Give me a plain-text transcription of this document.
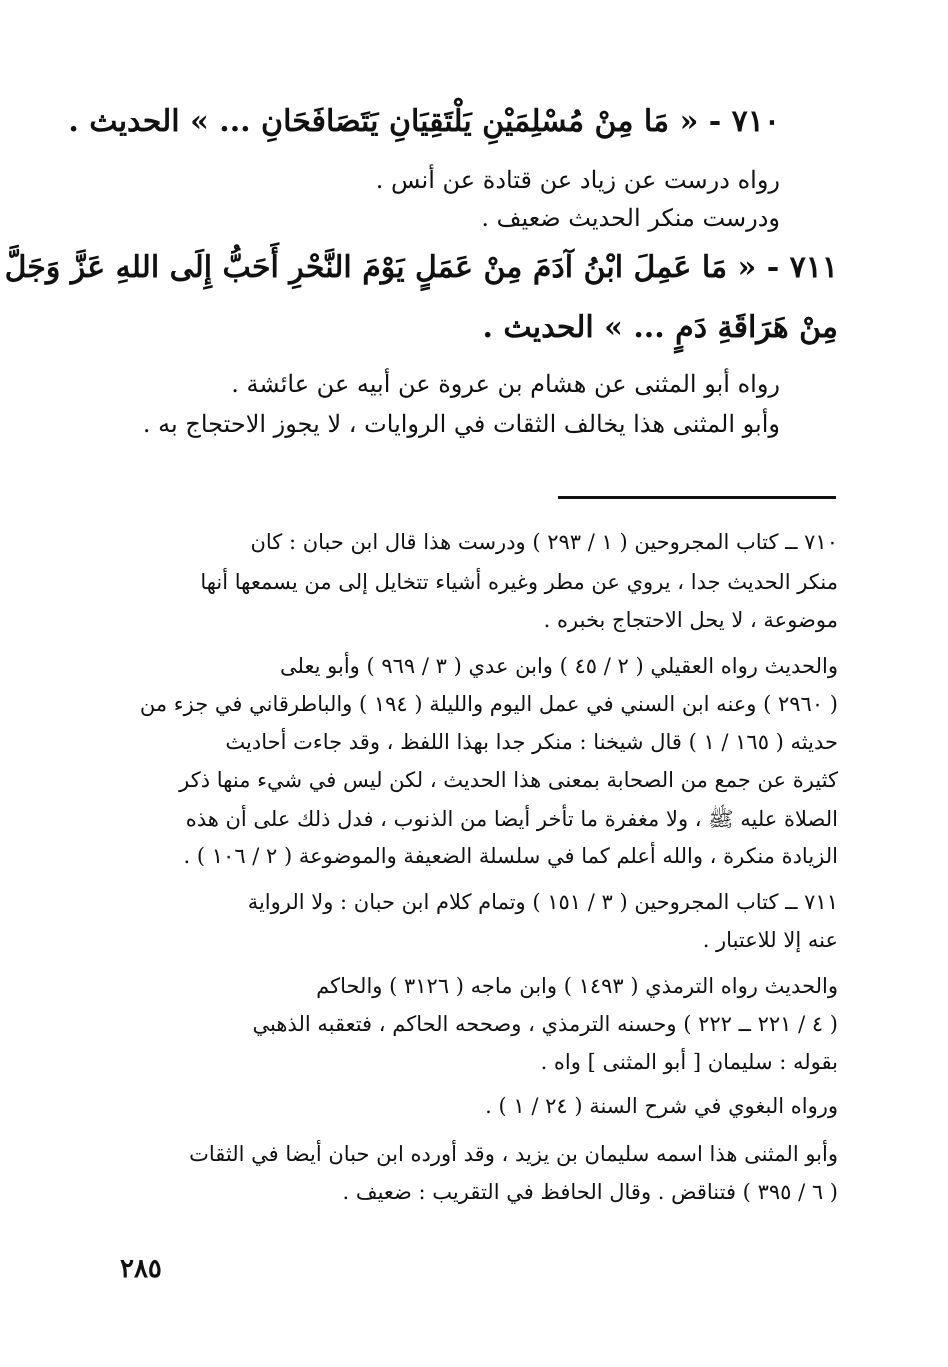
٧١٠ - « مَا مِنْ مُسْلِمَيْنِ يَلْتَقِيَانِ يَتَصَافَحَانِ ... » الحديث .
رواه درست عن زياد عن قتادة عن أنس .
ودرست منكر الحديث ضعيف .
٧١١ - « مَا عَمِلَ ابْنُ آدَمَ مِنْ عَمَلٍ يَوْمَ النَّحْرِ أَحَبُّ إِلَى اللهِ عَزَّ وَجَلَّ
مِنْ هَرَاقَةِ دَمٍ ... » الحديث .
رواه أبو المثنى عن هشام بن عروة عن أبيه عن عائشة .
وأبو المثنى هذا يخالف الثقات في الروايات ، لا يجوز الاحتجاج به .
٧١٠ ــ كتاب المجروحين ( ١ / ٢٩٣ ) ودرست هذا قال ابن حبان : كان
منكر الحديث جدا ، يروي عن مطر وغيره أشياء تتخايل إلى من يسمعها أنها
موضوعة ، لا يحل الاحتجاج بخبره .
والحديث رواه العقيلي ( ٢ / ٤٥ ) وابن عدي ( ٣ / ٩٦٩ ) وأبو يعلى
( ٢٩٦٠ ) وعنه ابن السني في عمل اليوم والليلة ( ١٩٤ ) والباطرقاني في جزء من
حديثه ( ١٦٥ / ١ ) قال شيخنا : منكر جدا بهذا اللفظ ، وقد جاءت أحاديث
كثيرة عن جمع من الصحابة بمعنى هذا الحديث ، لكن ليس في شيء منها ذكر
الصلاة عليه ﷺ ، ولا مغفرة ما تأخر أيضا من الذنوب ، فدل ذلك على أن هذه
الزيادة منكرة ، والله أعلم كما في سلسلة الضعيفة والموضوعة ( ٢ / ١٠٦ ) .
٧١١ ــ كتاب المجروحين ( ٣ / ١٥١ ) وتمام كلام ابن حبان : ولا الرواية
عنه إلا للاعتبار .
والحديث رواه الترمذي ( ١٤٩٣ ) وابن ماجه ( ٣١٢٦ ) والحاكم
( ٤ / ٢٢١ ــ ٢٢٢ ) وحسنه الترمذي ، وصححه الحاكم ، فتعقبه الذهبي
بقوله : سليمان [ أبو المثنى ] واه .
ورواه البغوي في شرح السنة ( ٢٤ / ١ ) .
وأبو المثنى هذا اسمه سليمان بن يزيد ، وقد أورده ابن حبان أيضا في الثقات
( ٦ / ٣٩٥ ) فتناقض . وقال الحافظ في التقريب : ضعيف .
٢٨٥
